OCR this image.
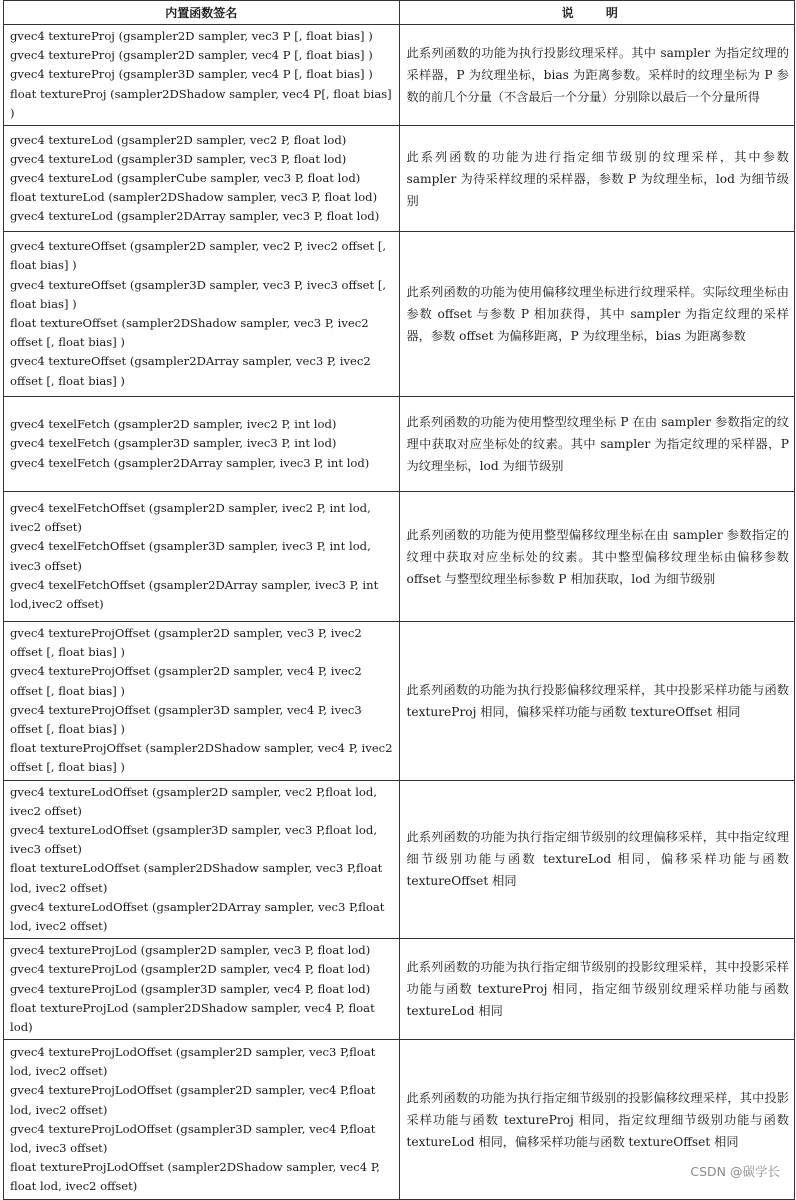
内置函数签名	说 明

gvec4 textureProj (gsampler2D sampler, vec3 P [, float bias] )
gvec4 textureProj (gsampler2D sampler, vec4 P [, float bias] )
gvec4 textureProj (gsampler3D sampler, vec4 P [, float bias] )
float textureProj (sampler2DShadow sampler, vec4 P[, float bias] )	此系列函数的功能为执行投影纹理采样。其中 sampler 为指定纹理的采样器，P 为纹理坐标，bias 为距离参数。采样时的纹理坐标为 P 参数的前几个分量（不含最后一个分量）分别除以最后一个分量所得

gvec4 textureLod (gsampler2D sampler, vec2 P, float lod)
gvec4 textureLod (gsampler3D sampler, vec3 P, float lod)
gvec4 textureLod (gsamplerCube sampler, vec3 P, float lod)
float textureLod (sampler2DShadow sampler, vec3 P, float lod)
gvec4 textureLod (gsampler2DArray sampler, vec3 P, float lod)	此系列函数的功能为进行指定细节级别的纹理采样，其中参数 sampler 为待采样纹理的采样器，参数 P 为纹理坐标，lod 为细节级别

gvec4 textureOffset (gsampler2D sampler, vec2 P, ivec2 offset [, float bias] )
gvec4 textureOffset (gsampler3D sampler, vec3 P, ivec3 offset [, float bias] )
float textureOffset (sampler2DShadow sampler, vec3 P, ivec2 offset [, float bias] )
gvec4 textureOffset (gsampler2DArray sampler, vec3 P, ivec2 offset [, float bias] )	此系列函数的功能为使用偏移纹理坐标进行纹理采样。实际纹理坐标由参数 offset 与参数 P 相加获得，其中 sampler 为指定纹理的采样器，参数 offset 为偏移距离，P 为纹理坐标，bias 为距离参数

gvec4 texelFetch (gsampler2D sampler, ivec2 P, int lod)
gvec4 texelFetch (gsampler3D sampler, ivec3 P, int lod)
gvec4 texelFetch (gsampler2DArray sampler, ivec3 P, int lod)	此系列函数的功能为使用整型纹理坐标 P 在由 sampler 参数指定的纹理中获取对应坐标处的纹素。其中 sampler 为指定纹理的采样器，P 为纹理坐标，lod 为细节级别

gvec4 texelFetchOffset (gsampler2D sampler, ivec2 P, int lod, ivec2 offset)
gvec4 texelFetchOffset (gsampler3D sampler, ivec3 P, int lod, ivec3 offset)
gvec4 texelFetchOffset (gsampler2DArray sampler, ivec3 P, int lod,ivec2 offset)	此系列函数的功能为使用整型偏移纹理坐标在由 sampler 参数指定的纹理中获取对应坐标处的纹素。其中整型偏移纹理坐标由偏移参数 offset 与整型纹理坐标参数 P 相加获取，lod 为细节级别

gvec4 textureProjOffset (gsampler2D sampler, vec3 P, ivec2 offset [, float bias] )
gvec4 textureProjOffset (gsampler2D sampler, vec4 P, ivec2 offset [, float bias] )
gvec4 textureProjOffset (gsampler3D sampler, vec4 P, ivec3 offset [, float bias] )
float textureProjOffset (sampler2DShadow sampler, vec4 P, ivec2 offset [, float bias] )	此系列函数的功能为执行投影偏移纹理采样，其中投影采样功能与函数 textureProj 相同，偏移采样功能与函数 textureOffset 相同

gvec4 textureLodOffset (gsampler2D sampler, vec2 P,float lod, ivec2 offset)
gvec4 textureLodOffset (gsampler3D sampler, vec3 P,float lod, ivec3 offset)
float textureLodOffset (sampler2DShadow sampler, vec3 P,float lod, ivec2 offset)
gvec4 textureLodOffset (gsampler2DArray sampler, vec3 P,float lod, ivec2 offset)	此系列函数的功能为执行指定细节级别的纹理偏移采样，其中指定纹理细节级别功能与函数 textureLod 相同，偏移采样功能与函数 textureOffset 相同

gvec4 textureProjLod (gsampler2D sampler, vec3 P, float lod)
gvec4 textureProjLod (gsampler2D sampler, vec4 P, float lod)
gvec4 textureProjLod (gsampler3D sampler, vec4 P, float lod)
float textureProjLod (sampler2DShadow sampler, vec4 P, float lod)	此系列函数的功能为执行指定细节级别的投影纹理采样，其中投影采样功能与函数 textureProj 相同，指定细节级别纹理采样功能与函数 textureLod 相同

gvec4 textureProjLodOffset (gsampler2D sampler, vec3 P,float lod, ivec2 offset)
gvec4 textureProjLodOffset (gsampler2D sampler, vec4 P,float lod, ivec2 offset)
gvec4 textureProjLodOffset (gsampler3D sampler, vec4 P,float lod, ivec3 offset)
float textureProjLodOffset (sampler2DShadow sampler, vec4 P, float lod, ivec2 offset)	此系列函数的功能为执行指定细节级别的投影偏移纹理采样，其中投影采样功能与函数 textureProj 相同，指定纹理细节级别功能与函数 textureLod 相同，偏移采样功能与函数 textureOffset 相同
CSDN @碳学长
